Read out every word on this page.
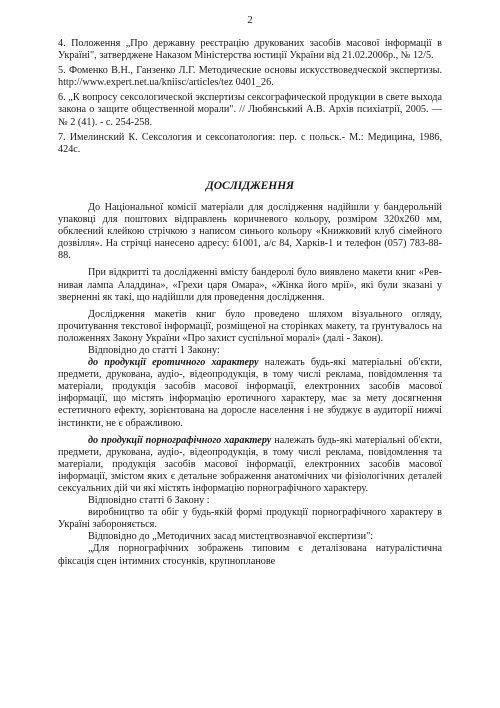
2

4. Положення „Про державну реєстрацію друкованих засобів масової інформації в Україні", затверджене Наказом Міністерства юстиції України від 21.02.2006р., № 12/5.

5. Фоменко В.Н., Ганзенко Л.Г. Методические основы искусствоведческой экспертизы. http://www.expert.net.ua/kniisc/articles/tez 0401_26.

6. „К вопросу сексологической экспертизы сексографической продукции в свете выхода закона о защите общественной морали". // Любянський А.В. Архів психіатрії, 2005. — № 2 (41). - с. 254-258.

7. Имелинский К. Сексология и сексопатология: пер. с польск.- М.: Медицина, 1986, 424с.

ДОСЛІДЖЕННЯ

До Національної комісії матеріали для дослідження надійшли у бандерольній упаковці для поштових відправлень коричневого кольору, розміром 320х260 мм, обклеєний клейкою стрічкою з написом синього кольору «Книжковий клуб сімейного дозвілля». На стрічці нанесено адресу: 61001, а/с 84, Харків-1 и телефон (057) 783-88-88.

При відкритті та дослідженні вмісту бандеролі було виявлено макети книг «Ревнивая лампа Аладдина», «Грехи царя Омара», «Жінка його мрії», які були зказані у зверненні як такі, що надійшли для проведення дослідження.

Дослідження макетів книг було проведено шляхом візуального огляду, прочитування текстової інформації, розміщеної на сторінках макету, та ґрунтувалось на положеннях Закону України «Про захист суспільної моралі» (далі - Закон).

Відповідно до статті 1 Закону:

до продукції еротичного характеру належать будь-які матеріальні об'єкти, предмети, друкована, аудіо-, відеопродукція, в тому числі реклама, повідомлення та матеріали, продукція засобів масової інформації, електронних засобів масової інформації, що містять інформацію еротичного характеру, має за мету досягнення естетичного ефекту, зорієнтована на доросле населення і не збуджує в аудиторії нижчі інстинкти, не є ображливою.

до продукції порнографічного характеру належать будь-які матеріальні об'єкти, предмети, друкована, аудіо-, відеопродукція, в тому числі реклама, повідомлення та матеріали, продукція засобів масової інформації, електронних засобів масової інформації, змістом яких є детальне зображення анатомічних чи фізіологічних деталей сексуальних дій чи які містять інформацію порнографічного характеру.

Відповідно статті 6 Закону :

виробництво та обіг у будь-якій формі продукції порнографічного характеру в Україні забороняється.

Відповідно до „Методичних засад мистецтвознавчої експертизи":

„Для порнографічних зображень типовим є деталізована натуралістична фіксація сцен інтимних стосунків, крупнопланове
